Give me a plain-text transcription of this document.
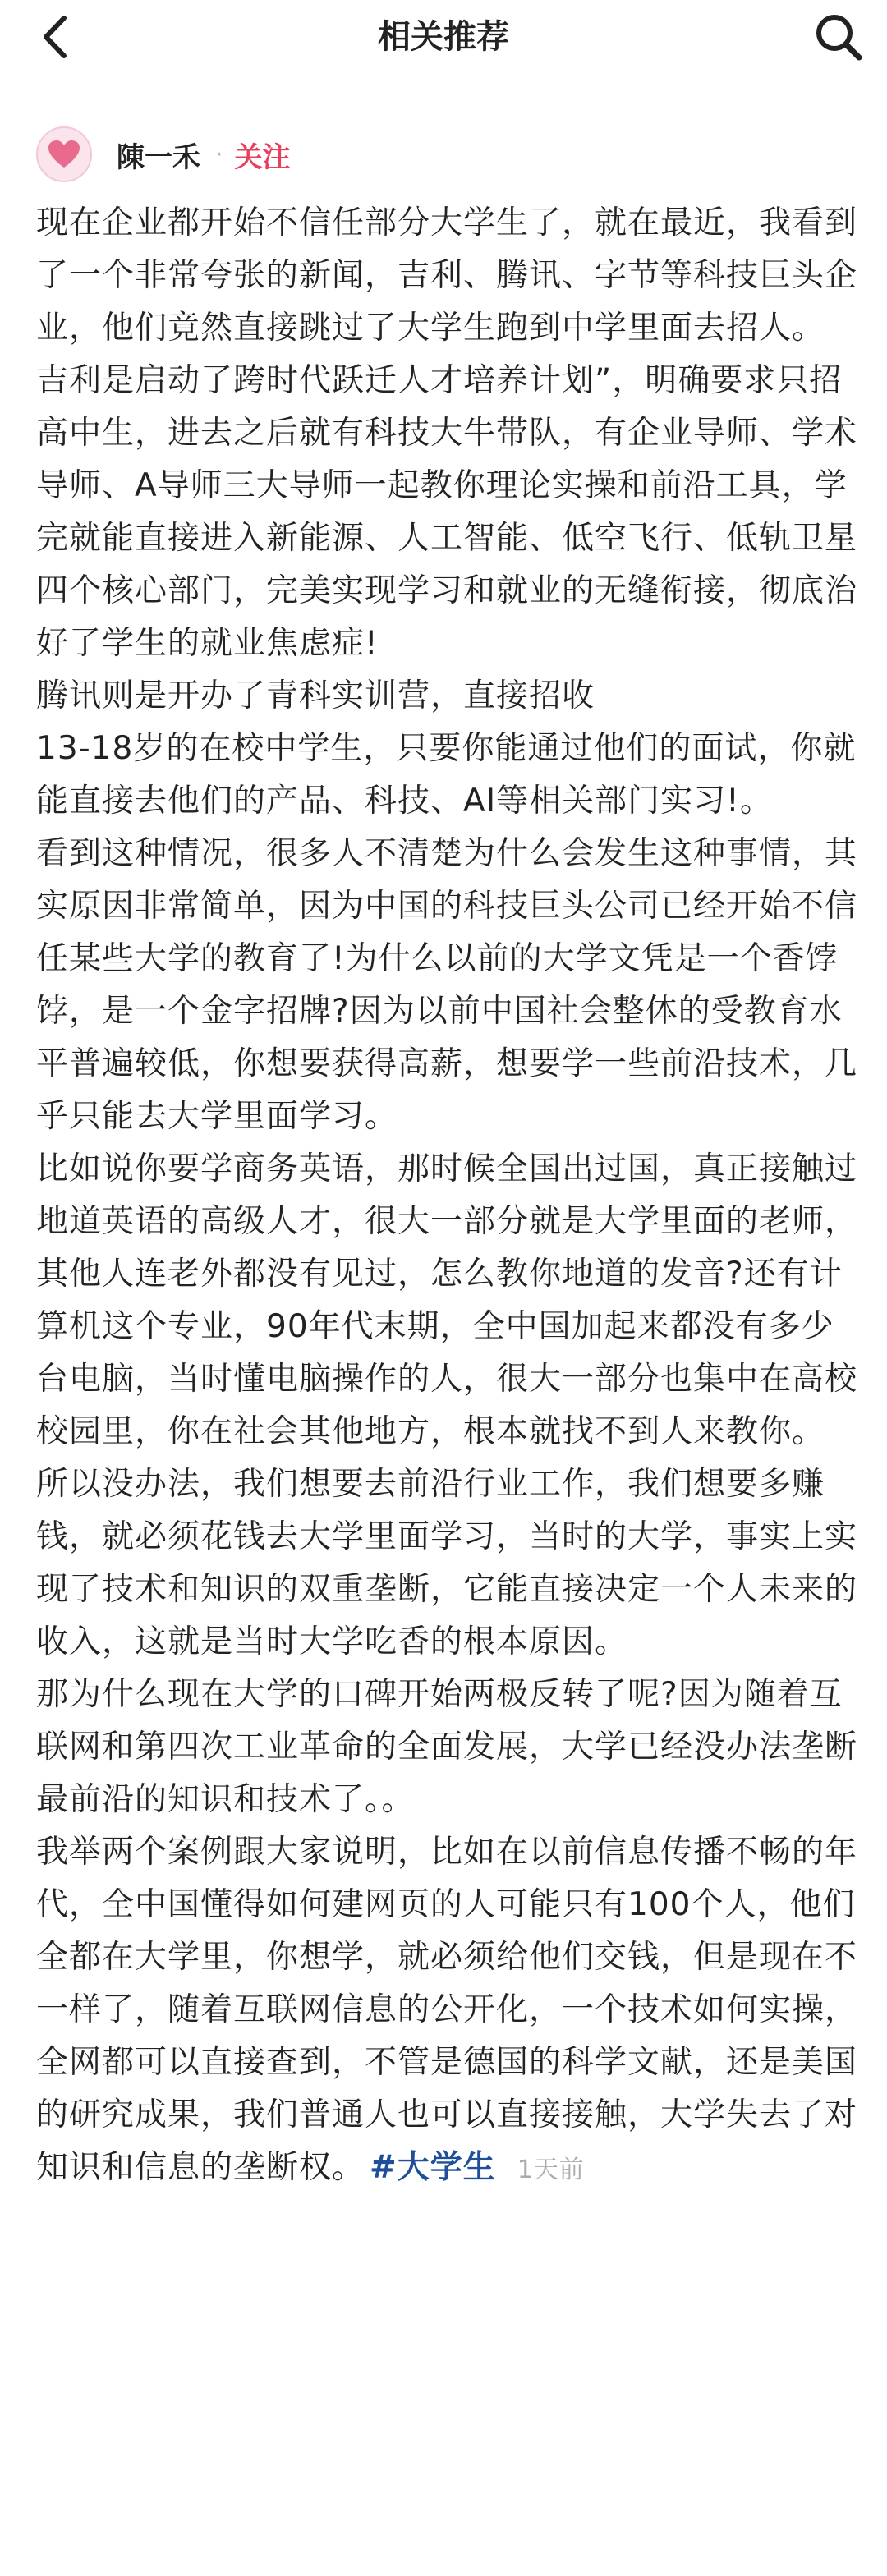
相关推荐
陳一禾 · 关注

现在企业都开始不信任部分大学生了，就在最近，我看到了一个非常夸张的新闻，吉利、腾讯、字节等科技巨头企业，他们竟然直接跳过了大学生跑到中学里面去招人。

吉利是启动了跨时代跃迁人才培养计划”，明确要求只招高中生，进去之后就有科技大牛带队，有企业导师、学术导师、A导师三大导师一起教你理论实操和前沿工具，学完就能直接进入新能源、人工智能、低空飞行、低轨卫星四个核心部门，完美实现学习和就业的无缝衔接，彻底治好了学生的就业焦虑症!

腾讯则是开办了青科实训营，直接招收

13-18岁的在校中学生，只要你能通过他们的面试，你就能直接去他们的产品、科技、AI等相关部门实习!。

看到这种情况，很多人不清楚为什么会发生这种事情，其实原因非常简单，因为中国的科技巨头公司已经开始不信任某些大学的教育了!为什么以前的大学文凭是一个香饽饽，是一个金字招牌?因为以前中国社会整体的受教育水平普遍较低，你想要获得高薪，想要学一些前沿技术，几乎只能去大学里面学习。

比如说你要学商务英语，那时候全国出过国，真正接触过地道英语的高级人才，很大一部分就是大学里面的老师，其他人连老外都没有见过，怎么教你地道的发音?还有计算机这个专业，90年代末期，全中国加起来都没有多少台电脑，当时懂电脑操作的人，很大一部分也集中在高校校园里，你在社会其他地方，根本就找不到人来教你。

所以没办法，我们想要去前沿行业工作，我们想要多赚钱，就必须花钱去大学里面学习，当时的大学，事实上实现了技术和知识的双重垄断，它能直接决定一个人未来的收入，这就是当时大学吃香的根本原因。

那为什么现在大学的口碑开始两极反转了呢?因为随着互联网和第四次工业革命的全面发展，大学已经没办法垄断最前沿的知识和技术了。。

我举两个案例跟大家说明，比如在以前信息传播不畅的年代，全中国懂得如何建网页的人可能只有100个人，他们全都在大学里，你想学，就必须给他们交钱，但是现在不一样了，随着互联网信息的公开化，一个技术如何实操，全网都可以直接查到，不管是德国的科学文献，还是美国的研究成果，我们普通人也可以直接接触，大学失去了对知识和信息的垄断权。 #大学生 1天前
